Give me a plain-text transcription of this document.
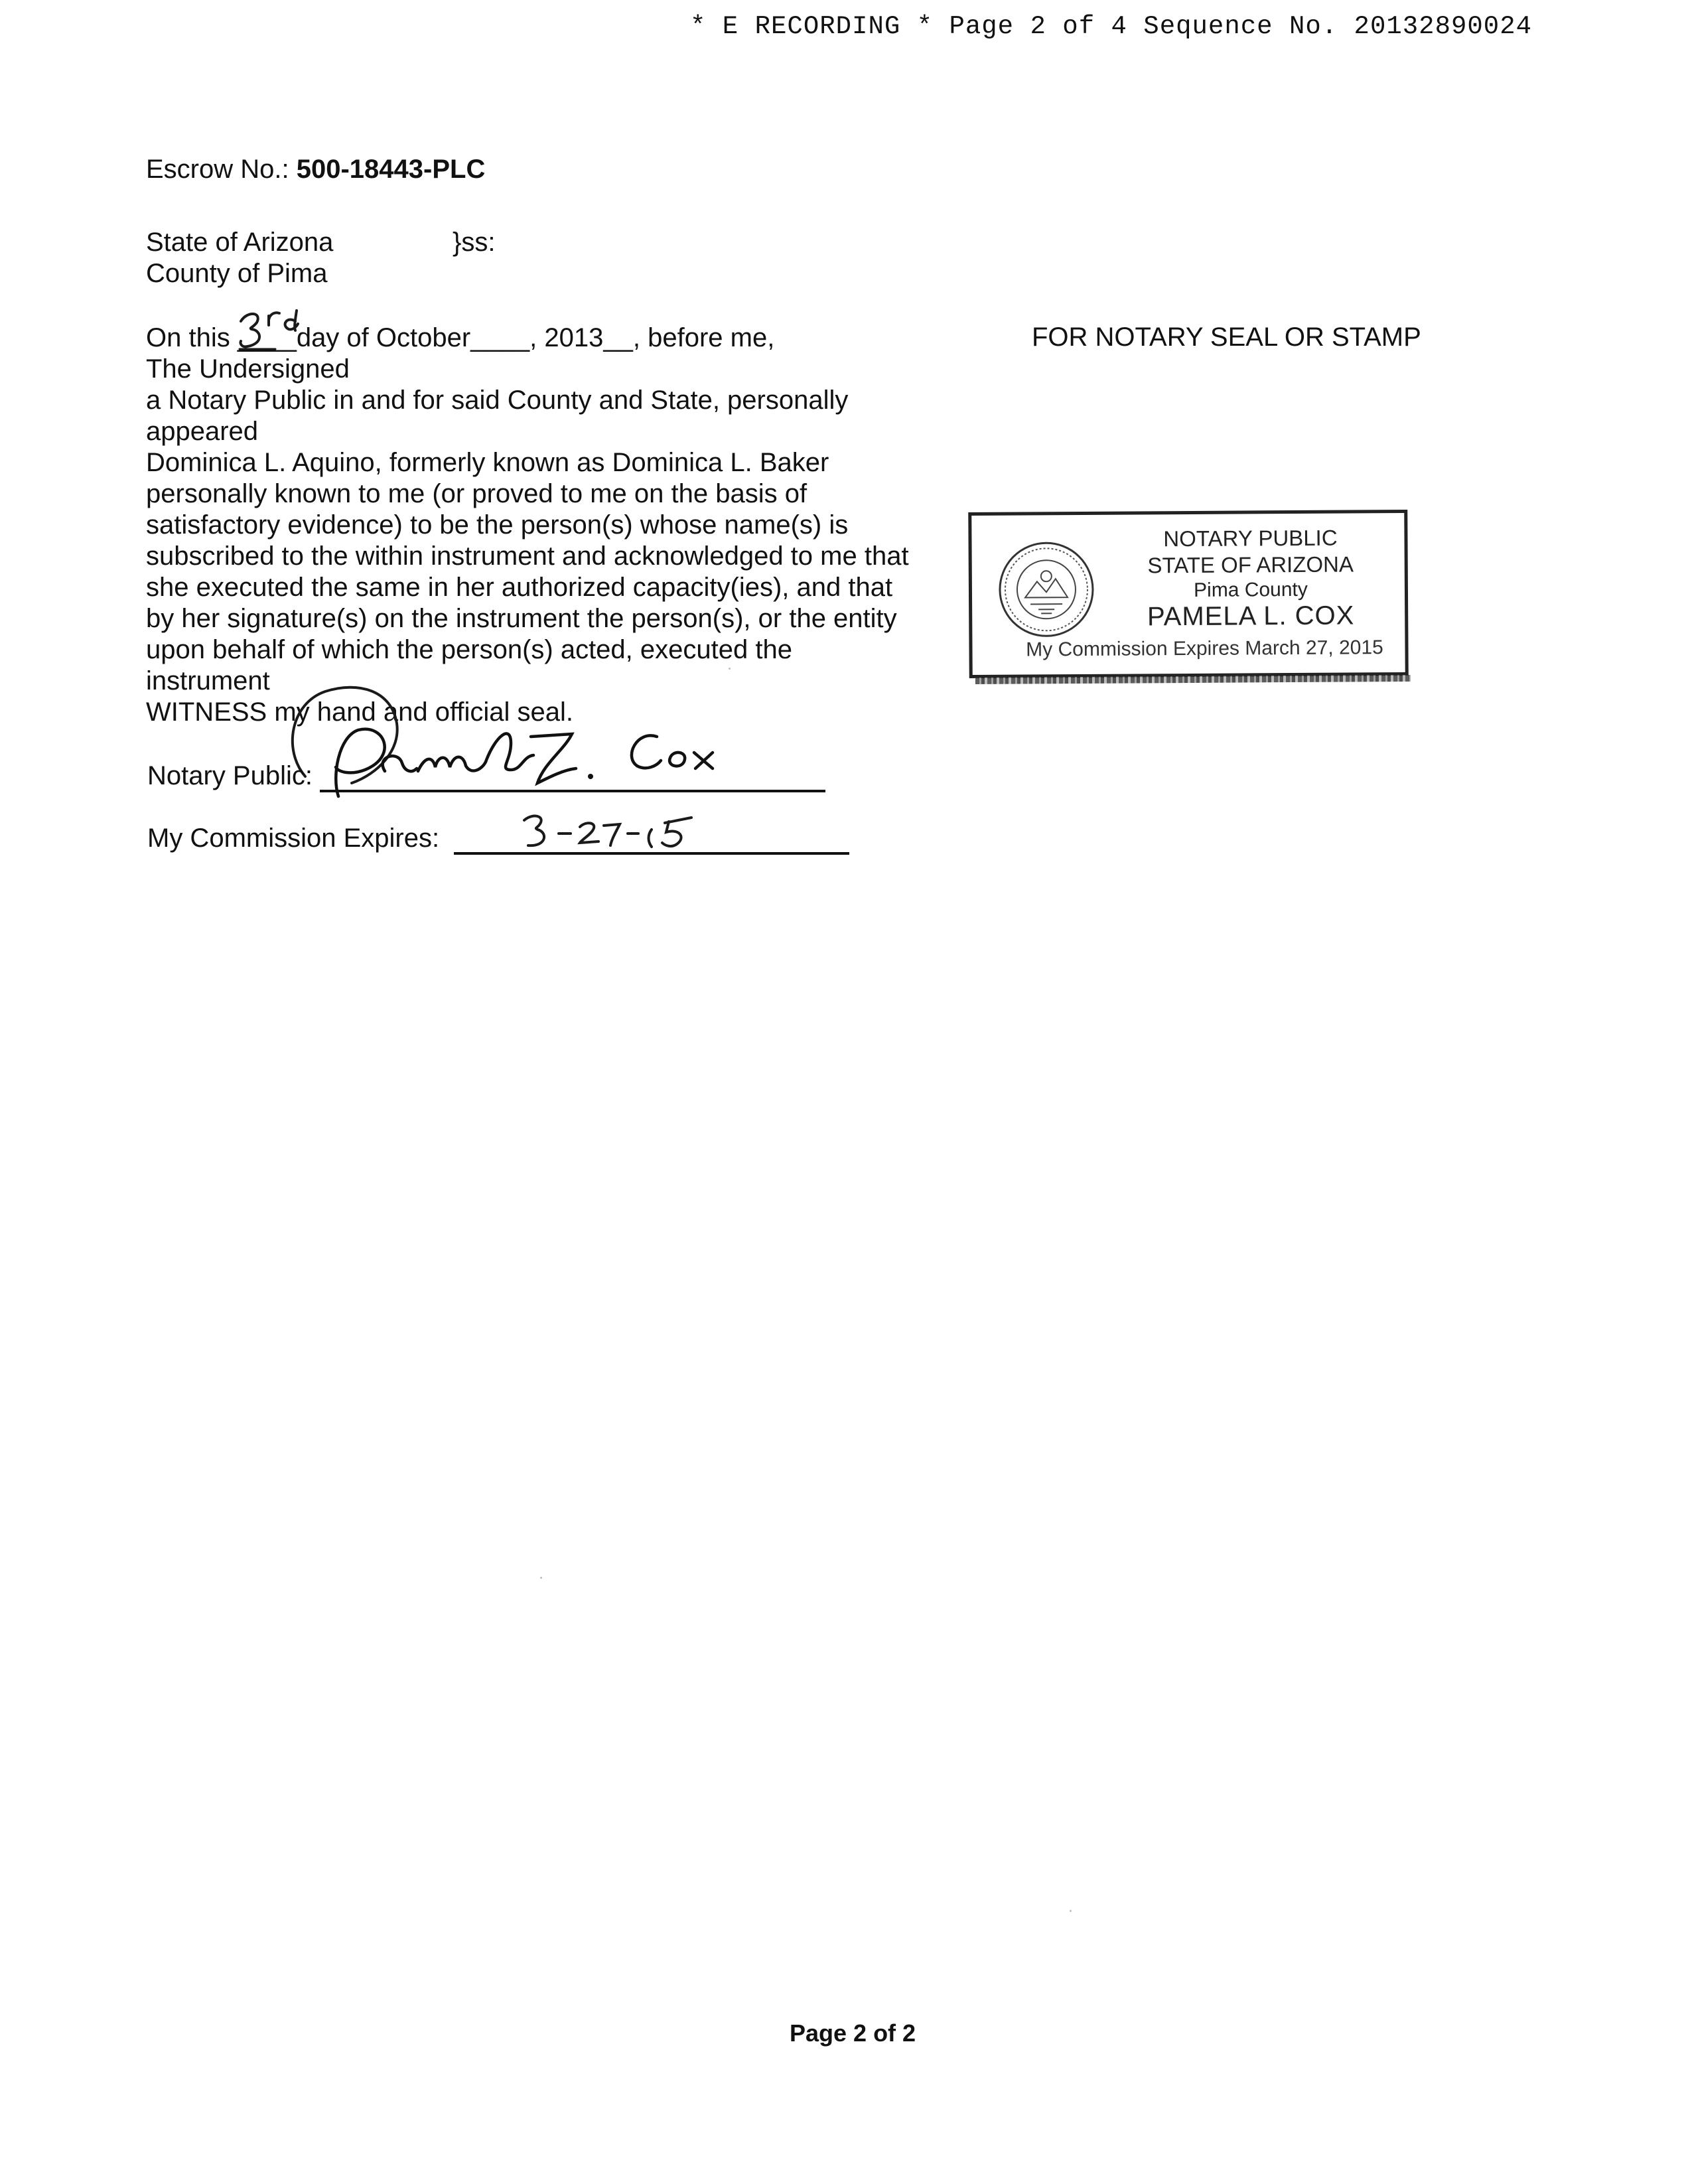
* E RECORDING * Page 2 of 4 Sequence No. 20132890024
Escrow No.: 500-18443-PLC
State of Arizona
County of Pima
}ss:
On this ____day of October____, 2013__, before me,
The Undersigned
a Notary Public in and for said County and State, personally
appeared
Dominica L. Aquino, formerly known as Dominica L. Baker
personally known to me (or proved to me on the basis of
satisfactory evidence) to be the person(s) whose name(s) is
subscribed to the within instrument and acknowledged to me that
she executed the same in her authorized capacity(ies), and that
by her signature(s) on the instrument the person(s), or the entity
upon behalf of which the person(s) acted, executed the
instrument
WITNESS my hand and official seal.
FOR NOTARY SEAL OR STAMP
NOTARY PUBLIC
STATE OF ARIZONA
Pima County
PAMELA L. COX
My Commission Expires March 27, 2015
Notary Public:
My Commission Expires:
Page 2 of 2
